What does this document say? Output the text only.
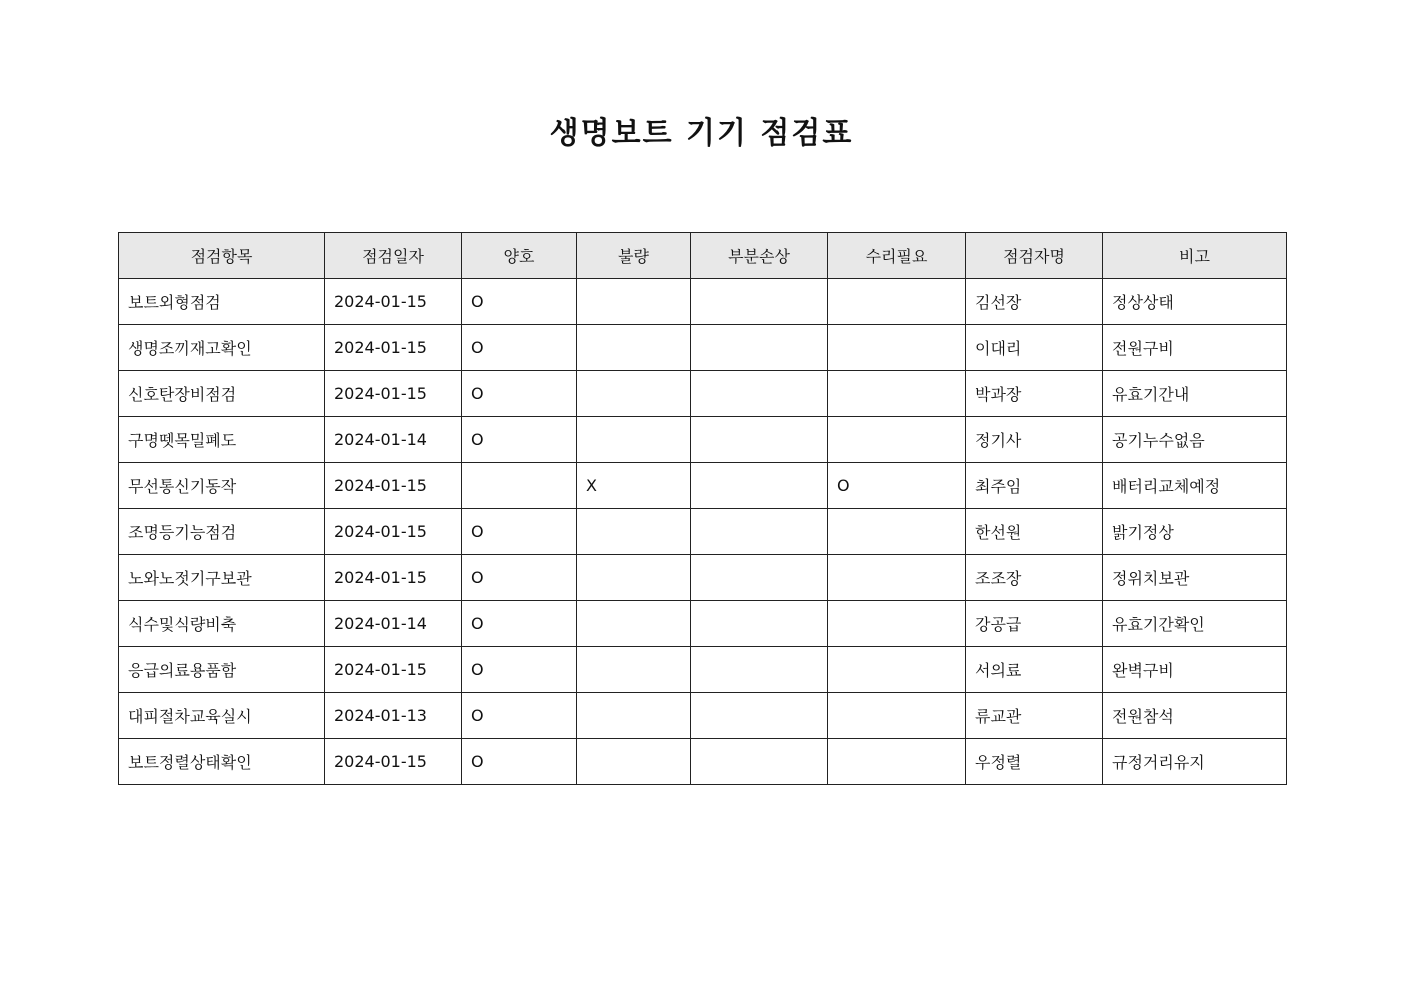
생명보트 기기 점검표
점검항목	점검일자	양호	불량	부분손상	수리필요	점검자명	비고
보트외형점검	2024-01-15	O				김선장	정상상태
생명조끼재고확인	2024-01-15	O				이대리	전원구비
신호탄장비점검	2024-01-15	O				박과장	유효기간내
구명뗏목밀폐도	2024-01-14	O				정기사	공기누수없음
무선통신기동작	2024-01-15		X		O	최주임	배터리교체예정
조명등기능점검	2024-01-15	O				한선원	밝기정상
노와노젓기구보관	2024-01-15	O				조조장	정위치보관
식수및식량비축	2024-01-14	O				강공급	유효기간확인
응급의료용품함	2024-01-15	O				서의료	완벽구비
대피절차교육실시	2024-01-13	O				류교관	전원참석
보트정렬상태확인	2024-01-15	O				우정렬	규정거리유지
